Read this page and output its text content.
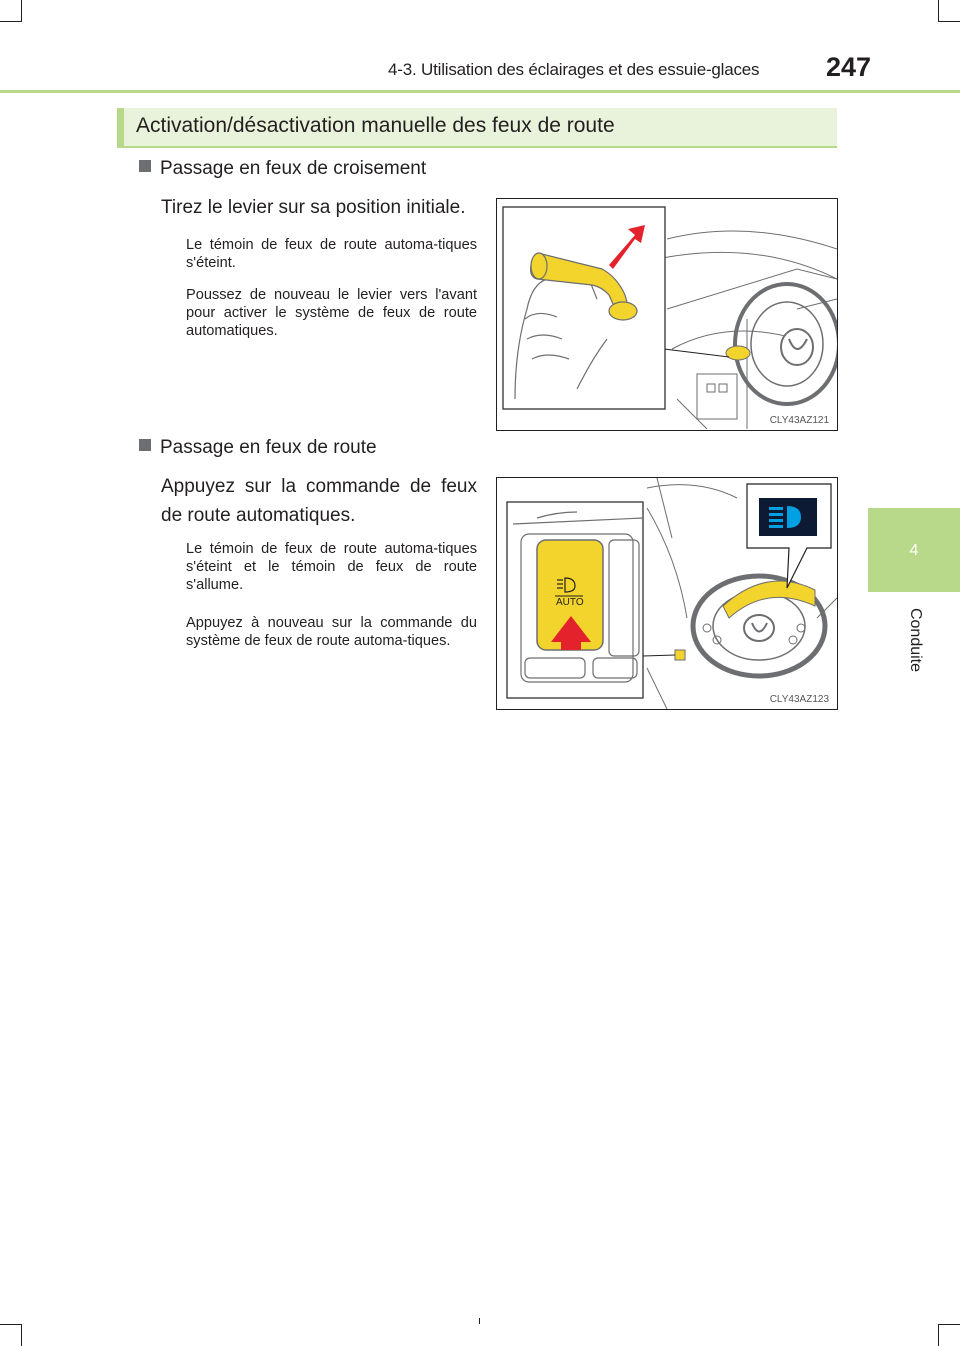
4-3. Utilisation des éclairages et des essuie-glaces 247
4
Conduite
Activation/désactivation manuelle des feux de route
Passage en feux de croisement
Tirez le levier sur sa position initiale.
Le témoin de feux de route automa-tiques s'éteint.
Poussez de nouveau le levier vers l'avant pour activer le système de feux de route automatiques.
CLY43AZ121
Passage en feux de route
Appuyez sur la commande de feux de route automatiques.
Le témoin de feux de route automa-tiques s'éteint et le témoin de feux de route s'allume.
Appuyez à nouveau sur la commande du système de feux de route automa-tiques.
AUTO
CLY43AZ123
